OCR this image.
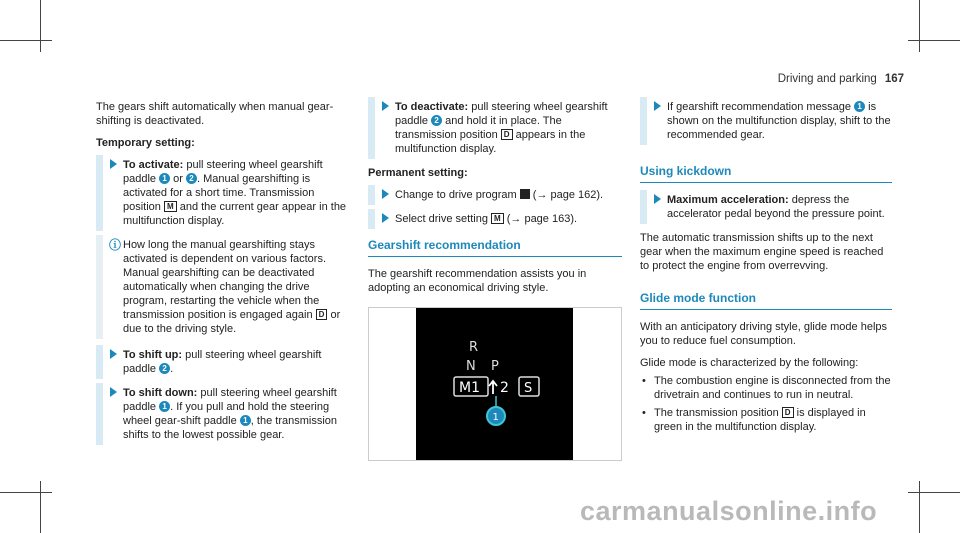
Driving and parking 167

The gears shift automatically when manual gear-shifting is deactivated.

Temporary setting:
To activate: pull steering wheel gearshift paddle 1 or 2 . Manual gearshifting is activated for a short time. Transmission position M and the current gear appear in the multifunction display.
ⓘ How long the manual gearshifting stays activated is dependent on various factors. Manual gearshifting can be deactivated automatically when changing the drive program, restarting the vehicle when the transmission position is engaged again D or due to the driving style.
To shift up: pull steering wheel gearshift paddle 2 .
To shift down: pull steering wheel gearshift paddle 1 . If you pull and hold the steering wheel gear-shift paddle 1 , the transmission shifts to the lowest possible gear.
To deactivate: pull steering wheel gearshift paddle 2 and hold it in place. The transmission position D appears in the multifunction display.
Permanent setting:
Change to drive program  (→ page 162).
Select drive setting M (→ page 163).
Gearshift recommendation

The gearshift recommendation assists you in adopting an economical driving style.

R
N P
M1 2 S
1
If gearshift recommendation message 1 is shown on the multifunction display, shift to the recommended gear.
Using kickdown
Maximum acceleration: depress the accelerator pedal beyond the pressure point.

The automatic transmission shifts up to the next gear when the maximum engine speed is reached to protect the engine from overrevving.

Glide mode function

With an anticipatory driving style, glide mode helps you to reduce fuel consumption.

Glide mode is characterized by the following:

• The combustion engine is disconnected from the drivetrain and continues to run in neutral.
• The transmission position D is displayed in green in the multifunction display.
carmanualsonline.info
